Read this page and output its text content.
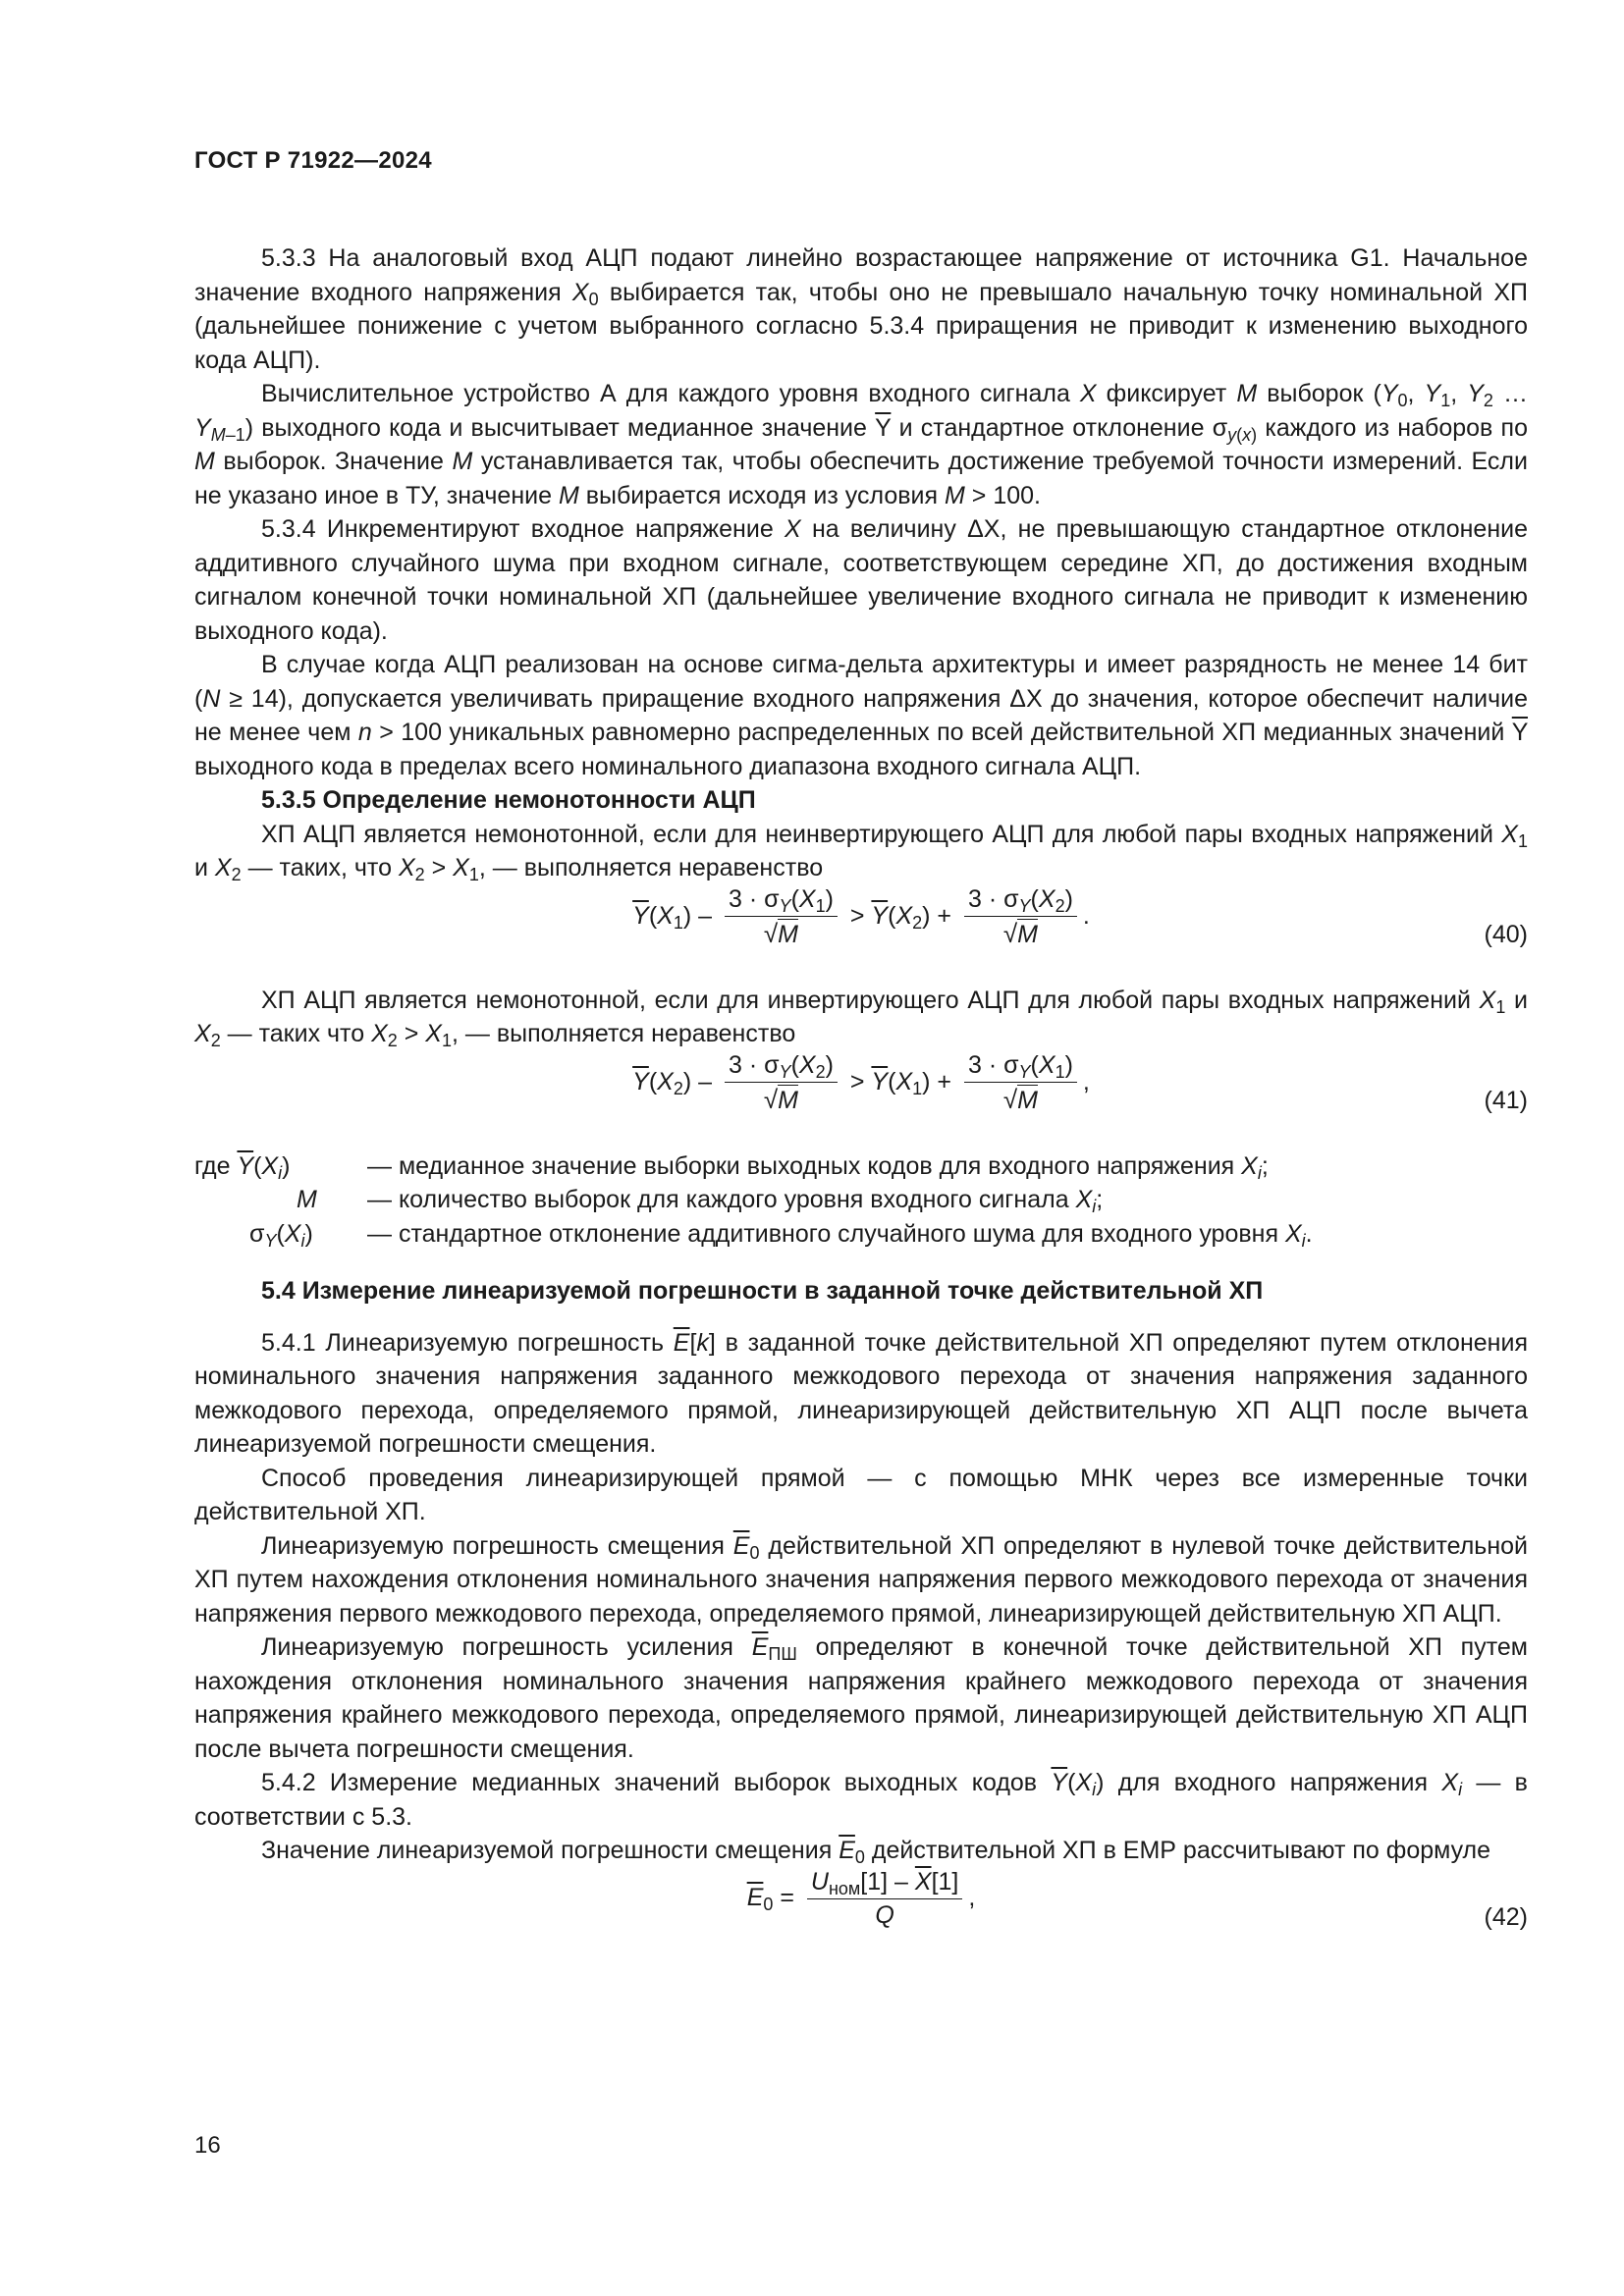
ГОСТ Р 71922—2024

5.3.3 На аналоговый вход АЦП подают линейно возрастающее напряжение от источника G1. Начальное значение входного напряжения $X_0$ выбирается так, чтобы оно не превышало начальную точку номинальной ХП (дальнейшее понижение с учетом выбранного согласно 5.3.4 приращения не приводит к изменению выходного кода АЦП).

Вычислительное устройство А для каждого уровня входного сигнала X фиксирует M выборок ($Y_0$, $Y_1$, $Y_2$ … $Y_{M-1}$) выходного кода и высчитывает медианное значение $\overline{Y}$ и стандартное отклонение $\sigma_{y(x)}$ каждого из наборов по M выборок. Значение M устанавливается так, чтобы обеспечить достижение требуемой точности измерений. Если не указано иное в ТУ, значение M выбирается исходя из условия M > 100.

5.3.4 Инкрементируют входное напряжение X на величину ΔX, не превышающую стандартное отклонение аддитивного случайного шума при входном сигнале, соответствующем середине ХП, до достижения входным сигналом конечной точки номинальной ХП (дальнейшее увеличение входного сигнала не приводит к изменению выходного кода).

В случае когда АЦП реализован на основе сигма-дельта архитектуры и имеет разрядность не менее 14 бит (N ≥ 14), допускается увеличивать приращение входного напряжения ΔX до значения, которое обеспечит наличие не менее чем n > 100 уникальных равномерно распределенных по всей действительной ХП медианных значений $\overline{Y}$ выходного кода в пределах всего номинального диапазона входного сигнала АЦП.

5.3.5 Определение немонотонности АЦП

ХП АЦП является немонотонной, если для неинвертирующего АЦП для любой пары входных напряжений $X_1$ и $X_2$ — таких, что $X_2 > X_1$, — выполняется неравенство

$\overline{Y}(X_1) - \frac{3 \cdot \sigma_Y(X_1)}{√M} > \overline{Y}(X_2) + \frac{3 \cdot \sigma_Y(X_2)}{√M}$ .
(40)

ХП АЦП является немонотонной, если для инвертирующего АЦП для любой пары входных напряжений $X_1$ и $X_2$ — таких что $X_2 > X_1$, — выполняется неравенство

$\overline{Y}(X_2) - \frac{3 \cdot \sigma_Y(X_2)}{√M} > \overline{Y}(X_1) + \frac{3 \cdot \sigma_Y(X_1)}{√M}$ ,
(41)
где $\overline{Y}(X_i)$	— медианное значение выборки выходных кодов для входного напряжения $X_i$;
M — количество выборок для каждого уровня входного сигнала $X_i$;
$\sigma_Y(X_i)$ — стандартное отклонение аддитивного случайного шума для входного уровня $X_i$.
5.4 Измерение линеаризуемой погрешности в заданной точке действительной ХП

5.4.1 Линеаризуемую погрешность $\overline{E}[k]$ в заданной точке действительной ХП определяют путем отклонения номинального значения напряжения заданного межкодового перехода от значения напряжения заданного межкодового перехода, определяемого прямой, линеаризирующей действительную ХП АЦП после вычета линеаризуемой погрешности смещения.

Способ проведения линеаризирующей прямой — с помощью МНК через все измеренные точки действительной ХП.

Линеаризуемую погрешность смещения $\overline{E}_0$ действительной ХП определяют в нулевой точке действительной ХП путем нахождения отклонения номинального значения напряжения первого межкодового перехода от значения напряжения первого межкодового перехода, определяемого прямой, линеаризирующей действительную ХП АЦП.

Линеаризуемую погрешность усиления $\overline{E}_{ПШ}$ определяют в конечной точке действительной ХП путем нахождения отклонения номинального значения напряжения крайнего межкодового перехода от значения напряжения крайнего межкодового перехода, определяемого прямой, линеаризирующей действительную ХП АЦП после вычета погрешности смещения.

5.4.2 Измерение медианных значений выборок выходных кодов $\overline{Y}(X_i)$ для входного напряжения $X_i$ — в соответствии с 5.3.

Значение линеаризуемой погрешности смещения $\overline{E}_0$ действительной ХП в ЕМР рассчитывают по формуле

$\overline{E}_0$ =
$U_{ном}[1] - \overline{X}[1]$
Q
,
(42)
16
